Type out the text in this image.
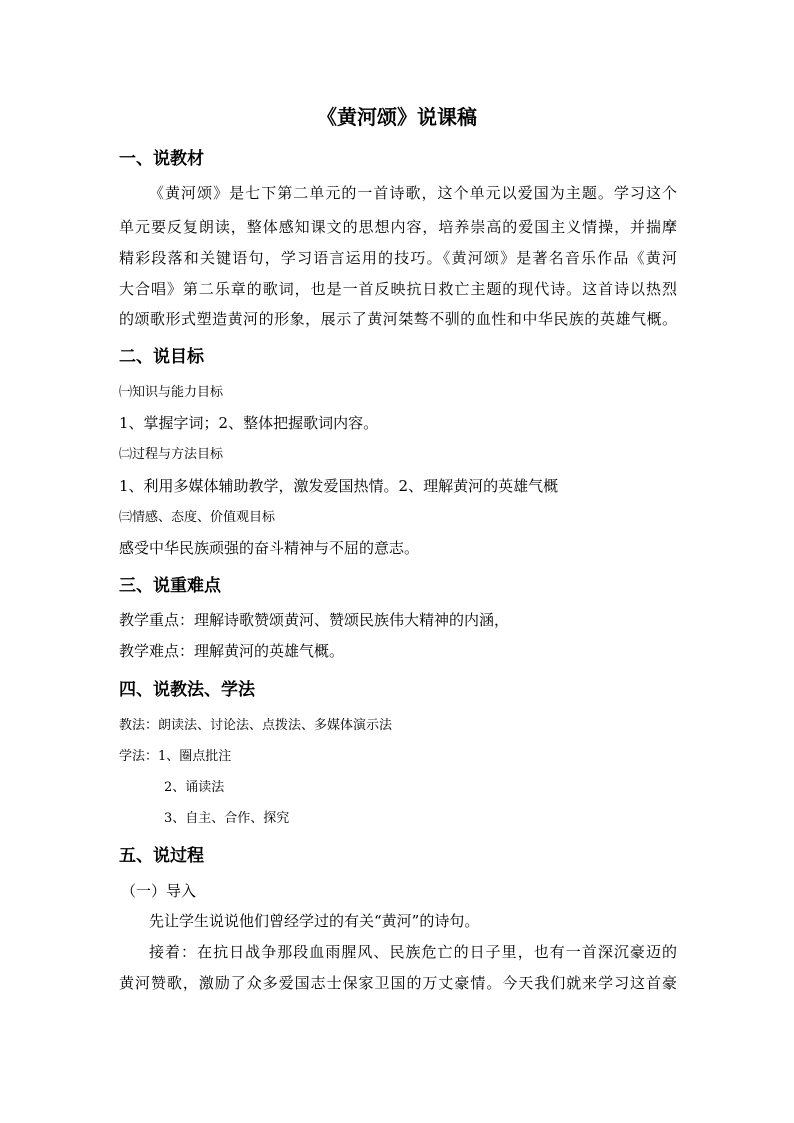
《黄河颂》说课稿
一、说教材
《黄河颂》是七下第二单元的一首诗歌，这个单元以爱国为主题。学习这个
单元要反复朗读，整体感知课文的思想内容，培养崇高的爱国主义情操，并揣摩
精彩段落和关键语句，学习语言运用的技巧。《黄河颂》是著名音乐作品《黄河
大合唱》第二乐章的歌词，也是一首反映抗日救亡主题的现代诗。这首诗以热烈
的颂歌形式塑造黄河的形象，展示了黄河桀骜不驯的血性和中华民族的英雄气概。
二、说目标
㈠知识与能力目标
1、掌握字词；2、整体把握歌词内容。
㈡过程与方法目标
1、利用多媒体辅助教学，激发爱国热情。2、理解黄河的英雄气概
㈢情感、态度、价值观目标
感受中华民族顽强的奋斗精神与不屈的意志。
三、说重难点
教学重点：理解诗歌赞颂黄河、赞颂民族伟大精神的内涵，
教学难点：理解黄河的英雄气概。
四、说教法、学法
教法：朗读法、讨论法、点拨法、多媒体演示法
学法：1、圈点批注
2、诵读法
3、自主、合作、探究
五、说过程
（一）导入
先让学生说说他们曾经学过的有关“黄河”的诗句。
接着：在抗日战争那段血雨腥风、民族危亡的日子里，也有一首深沉豪迈的
黄河赞歌，激励了众多爱国志士保家卫国的万丈豪情。今天我们就来学习这首豪
